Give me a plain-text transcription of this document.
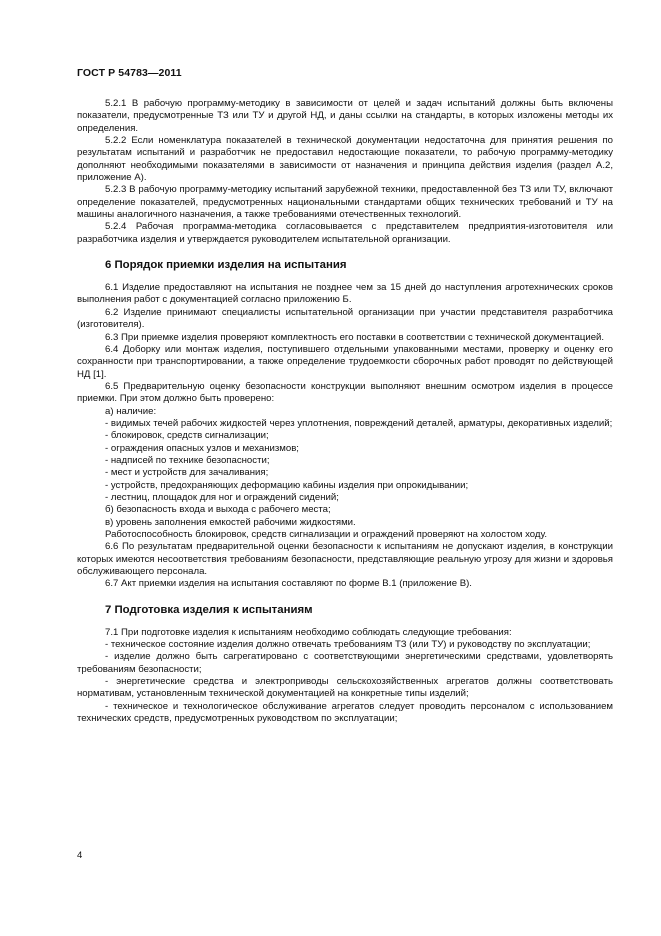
ГОСТ Р 54783—2011

5.2.1 В рабочую программу-методику в зависимости от целей и задач испытаний должны быть включены показатели, предусмотренные ТЗ или ТУ и другой НД, и даны ссылки на стандарты, в которых изложены методы их определения.

5.2.2 Если номенклатура показателей в технической документации недостаточна для принятия решения по результатам испытаний и разработчик не предоставил недостающие показатели, то рабочую программу-методику дополняют необходимыми показателями в зависимости от назначения и принципа действия изделия (раздел А.2, приложение А).

5.2.3 В рабочую программу-методику испытаний зарубежной техники, предоставленной без ТЗ или ТУ, включают определение показателей, предусмотренных национальными стандартами общих технических требований и ТУ на машины аналогичного назначения, а также требованиями отечественных технологий.

5.2.4 Рабочая программа-методика согласовывается с представителем предприятия-изготовителя или разработчика изделия и утверждается руководителем испытательной организации.

6 Порядок приемки изделия на испытания

6.1 Изделие предоставляют на испытания не позднее чем за 15 дней до наступления агротехнических сроков выполнения работ с документацией согласно приложению Б.

6.2 Изделие принимают специалисты испытательной организации при участии представителя разработчика (изготовителя).

6.3 При приемке изделия проверяют комплектность его поставки в соответствии с технической документацией.

6.4 Доборку или монтаж изделия, поступившего отдельными упакованными местами, проверку и оценку его сохранности при транспортировании, а также определение трудоемкости сборочных работ проводят по действующей НД [1].

6.5 Предварительную оценку безопасности конструкции выполняют внешним осмотром изделия в процессе приемки. При этом должно быть проверено:

а) наличие:

- видимых течей рабочих жидкостей через уплотнения, повреждений деталей, арматуры, декоративных изделий;

- блокировок, средств сигнализации;

- ограждения опасных узлов и механизмов;

- надписей по технике безопасности;

- мест и устройств для зачаливания;

- устройств, предохраняющих деформацию кабины изделия при опрокидывании;

- лестниц, площадок для ног и ограждений сидений;

б) безопасность входа и выхода с рабочего места;

в) уровень заполнения емкостей рабочими жидкостями.

Работоспособность блокировок, средств сигнализации и ограждений проверяют на холостом ходу.

6.6 По результатам предварительной оценки безопасности к испытаниям не допускают изделия, в конструкции которых имеются несоответствия требованиям безопасности, представляющие реальную угрозу для жизни и здоровья обслуживающего персонала.

6.7 Акт приемки изделия на испытания составляют по форме В.1 (приложение В).

7 Подготовка изделия к испытаниям

7.1 При подготовке изделия к испытаниям необходимо соблюдать следующие требования:

- техническое состояние изделия должно отвечать требованиям ТЗ (или ТУ) и руководству по эксплуатации;

- изделие должно быть сагрегатировано с соответствующими энергетическими средствами, удовлетворять требованиям безопасности;

- энергетические средства и электроприводы сельскохозяйственных агрегатов должны соответствовать нормативам, установленным технической документацией на конкретные типы изделий;

- техническое и технологическое обслуживание агрегатов следует проводить персоналом с использованием технических средств, предусмотренных руководством по эксплуатации;

4
